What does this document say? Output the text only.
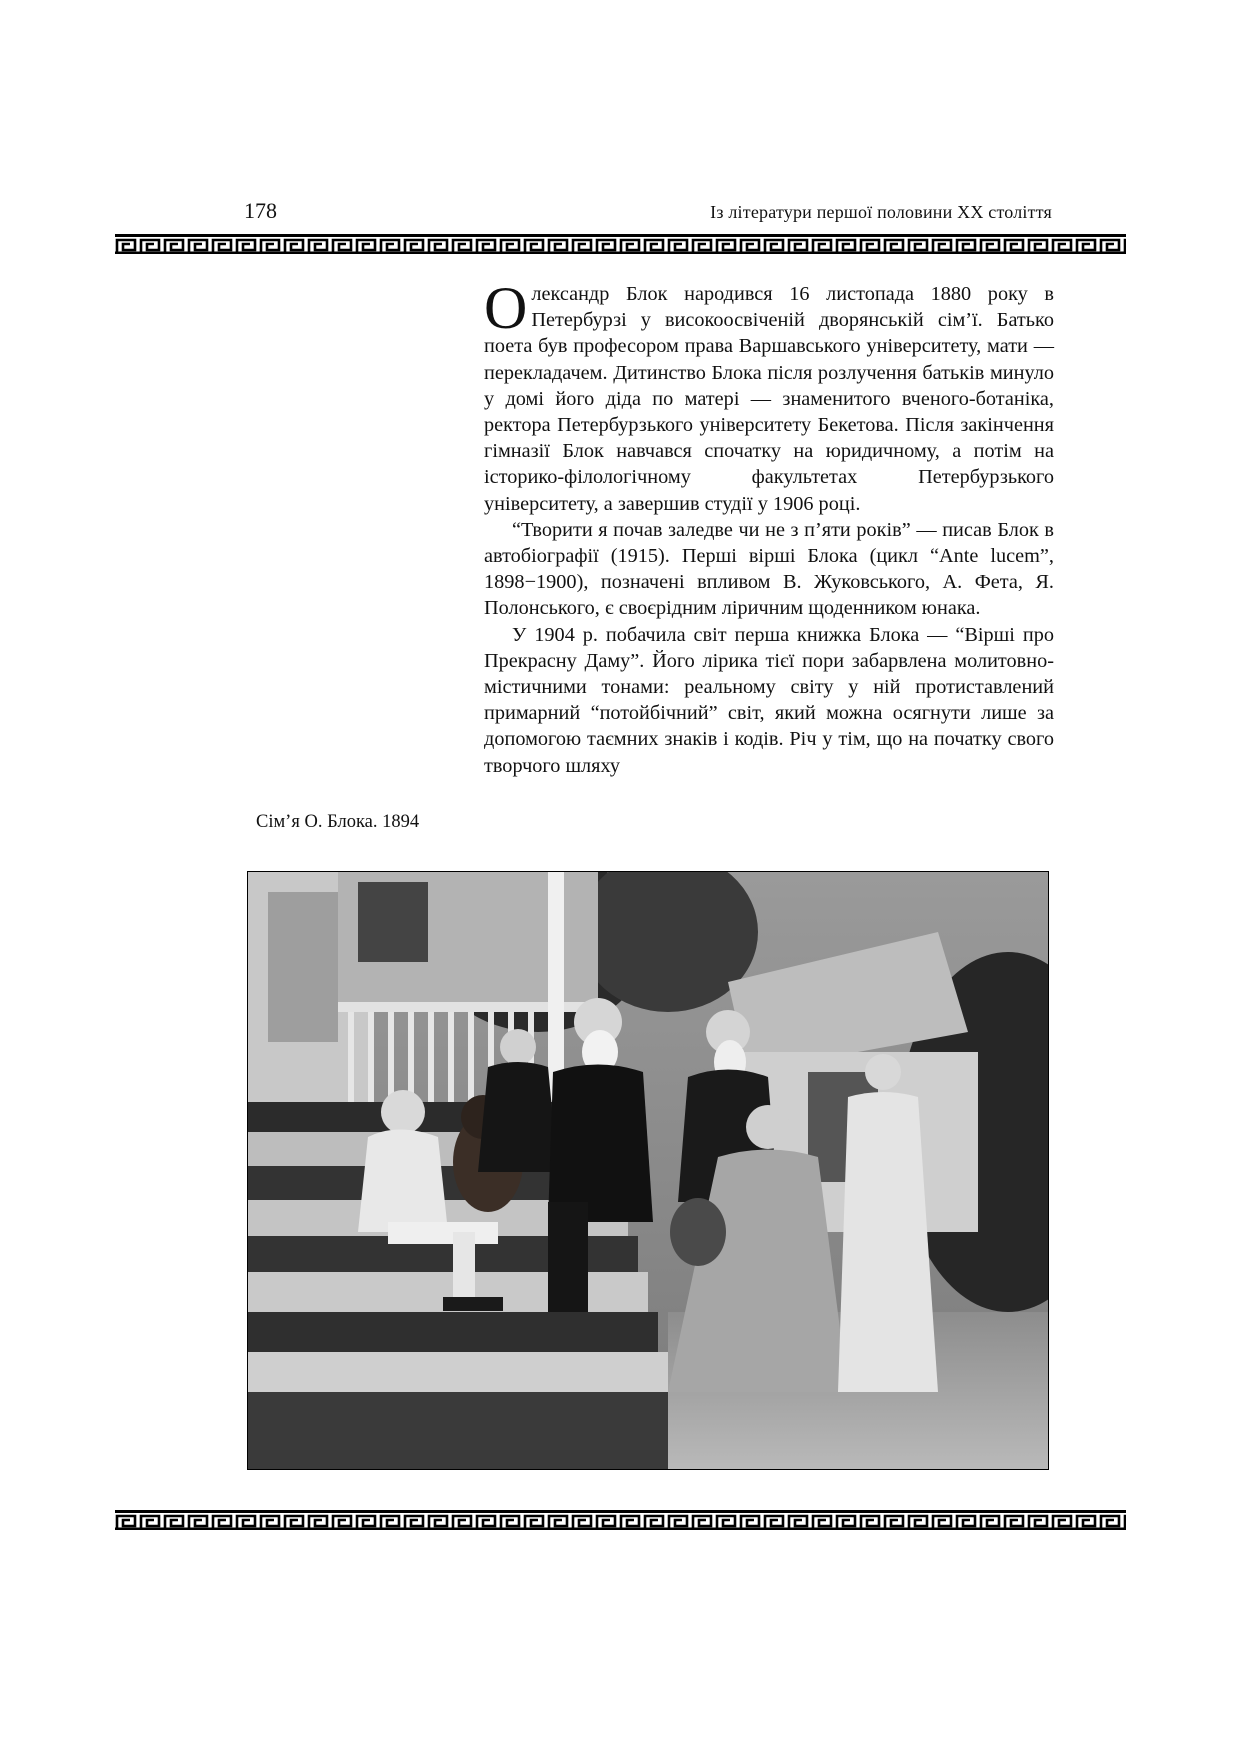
178	Із літератури першої половини XX століття

Олександр Блок народився 16 листопада 1880 року в Петербурзі у високоосвіченій дворянській сім’ї. Батько поета був професором права Варшавського університету, мати — перекладачем. Дитинство Блока після розлучення батьків минуло у домі його діда по матері — знаменитого вченого-ботаніка, ректора Петербурзького університету Бекетова. Після закінчення гімназії Блок навчався спочатку на юридичному, а потім на історико-філологічному факультетах Петербурзького університету, а завершив студії у 1906 році.

“Творити я почав заледве чи не з п’яти років” — писав Блок в автобіографії (1915). Перші вірші Блока (цикл “Ante lucem”, 1898−1900), позначені впливом В. Жуковського, А. Фета, Я. Полонського, є своєрідним ліричним щоденником юнака.

У 1904 р. побачила світ перша книжка Блока — “Вірші про Прекрасну Даму”. Його лірика тієї пори забарвлена молитовно-містичними тонами: реальному світу у ній протиставлений примарний “потойбічний” світ, який можна осягнути лише за допомогою таємних знаків і кодів. Річ у тім, що на початку свого творчого шляху

Сім’я О. Блока. 1894
